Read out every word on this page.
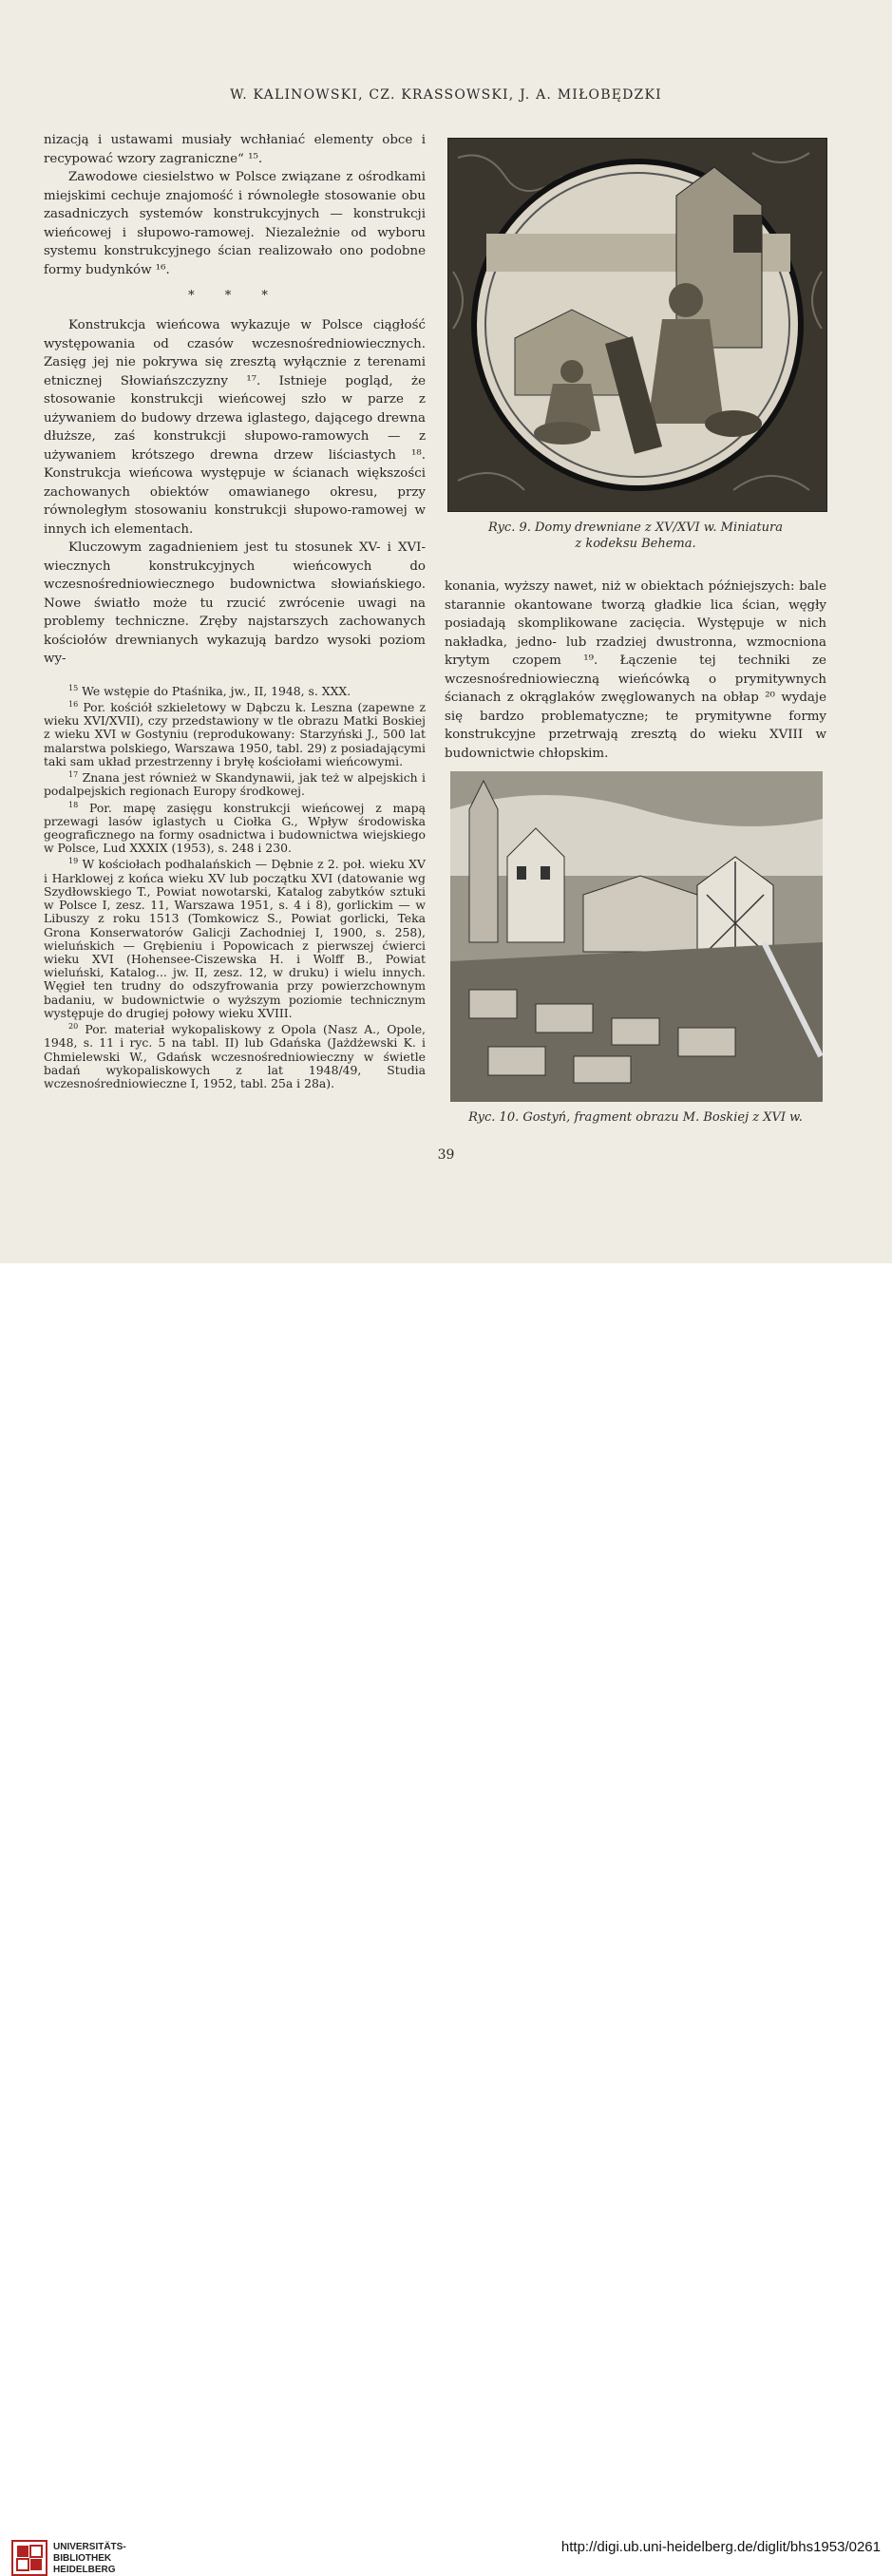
W. KALINOWSKI, CZ. KRASSOWSKI, J. A. MIŁOBĘDZKI

nizacją i ustawami musiały wchłaniać elementy obce i recypować wzory zagraniczne“ ¹⁵.

Zawodowe ciesielstwo w Polsce związane z ośrodkami miejskimi cechuje znajomość i równoległe stosowanie obu zasadniczych systemów konstrukcyjnych — konstrukcji wieńcowej i słupowo-ramowej. Niezależnie od wyboru systemu konstrukcyjnego ścian realizowało ono podobne formy budynków ¹⁶.

* * *

Konstrukcja wieńcowa wykazuje w Polsce ciągłość występowania od czasów wczesnośredniowiecznych. Zasięg jej nie pokrywa się zresztą wyłącznie z terenami etnicznej Słowiańszczyzny ¹⁷. Istnieje pogląd, że stosowanie konstrukcji wieńcowej szło w parze z używaniem do budowy drzewa iglastego, dającego drewna dłuższe, zaś konstrukcji słupowo-ramowych — z używaniem krótszego drewna drzew liściastych ¹⁸. Konstrukcja wieńcowa występuje w ścianach większości zachowanych obiektów omawianego okresu, przy równoległym stosowaniu konstrukcji słupowo-ramowej w innych ich elementach.

Kluczowym zagadnieniem jest tu stosunek XV- i XVI-wiecznych konstrukcyjnych wieńcowych do wczesnośredniowiecznego budownictwa słowiańskiego. Nowe światło może tu rzucić zwrócenie uwagi na problemy techniczne. Zręby najstarszych zachowanych kościołów drewnianych wykazują bardzo wysoki poziom wy-

$^{15}$ We wstępie do Ptaśnika, jw., II, 1948, s. XXX.

$^{16}$ Por. kościół szkieletowy w Dąbczu k. Leszna (zapewne z wieku XVI/XVII), czy przedstawiony w tle obrazu Matki Boskiej z wieku XVI w Gostyniu (reprodukowany: Starzyński J., 500 lat malarstwa polskiego, Warszawa 1950, tabl. 29) z posiadającymi taki sam układ przestrzenny i bryłę kościołami wieńcowymi.

$^{17}$ Znana jest również w Skandynawii, jak też w alpejskich i podalpejskich regionach Europy środkowej.

$^{18}$ Por. mapę zasięgu konstrukcji wieńcowej z mapą przewagi lasów iglastych u Ciołka G., Wpływ środowiska geograficznego na formy osadnictwa i budownictwa wiejskiego w Polsce, Lud XXXIX (1953), s. 248 i 230.

$^{19}$ W kościołach podhalańskich — Dębnie z 2. poł. wieku XV i Harklowej z końca wieku XV lub początku XVI (datowanie wg Szydłowskiego T., Powiat nowotarski, Katalog zabytków sztuki w Polsce I, zesz. 11, Warszawa 1951, s. 4 i 8), gorlickim — w Libuszy z roku 1513 (Tomkowicz S., Powiat gorlicki, Teka Grona Konserwatorów Galicji Zachodniej I, 1900, s. 258), wieluńskich — Grębieniu i Popowicach z pierwszej ćwierci wieku XVI (Hohensee-Ciszewska H. i Wolff B., Powiat wieluński, Katalog... jw. II, zesz. 12, w druku) i wielu innych. Węgieł ten trudny do odszyfrowania przy powierzchownym badaniu, w budownictwie o wyższym poziomie technicznym występuje do drugiej połowy wieku XVIII.

$^{20}$ Por. materiał wykopaliskowy z Opola (Nasz A., Opole, 1948, s. 11 i ryc. 5 na tabl. II) lub Gdańska (Jażdżewski K. i Chmielewski W., Gdańsk wczesnośredniowieczny w świetle badań wykopaliskowych z lat 1948/49, Studia wczesnośredniowieczne I, 1952, tabl. 25a i 28a).

Ryc. 9. Domy drewniane z XV/XVI w. Miniatura
z kodeksu Behema.

konania, wyższy nawet, niż w obiektach późniejszych: bale starannie okantowane tworzą gładkie lica ścian, węgły posiadają skomplikowane zacięcia. Występuje w nich nakładka, jedno- lub rzadziej dwustronna, wzmocniona krytym czopem ¹⁹. Łączenie tej techniki ze wczesnośredniowieczną wieńcówką o prymitywnych ścianach z okrąglaków zwęglowanych na obłap ²⁰ wydaje się bardzo problematyczne; te prymitywne formy konstrukcyjne przetrwają zresztą do wieku XVIII w budownictwie chłopskim.

Ryc. 10. Gostyń, fragment obrazu M. Boskiej z XVI w.
39
UNIVERSITÄTS-
BIBLIOTHEK
HEIDELBERG
http://digi.ub.uni-heidelberg.de/diglit/bhs1953/0261
